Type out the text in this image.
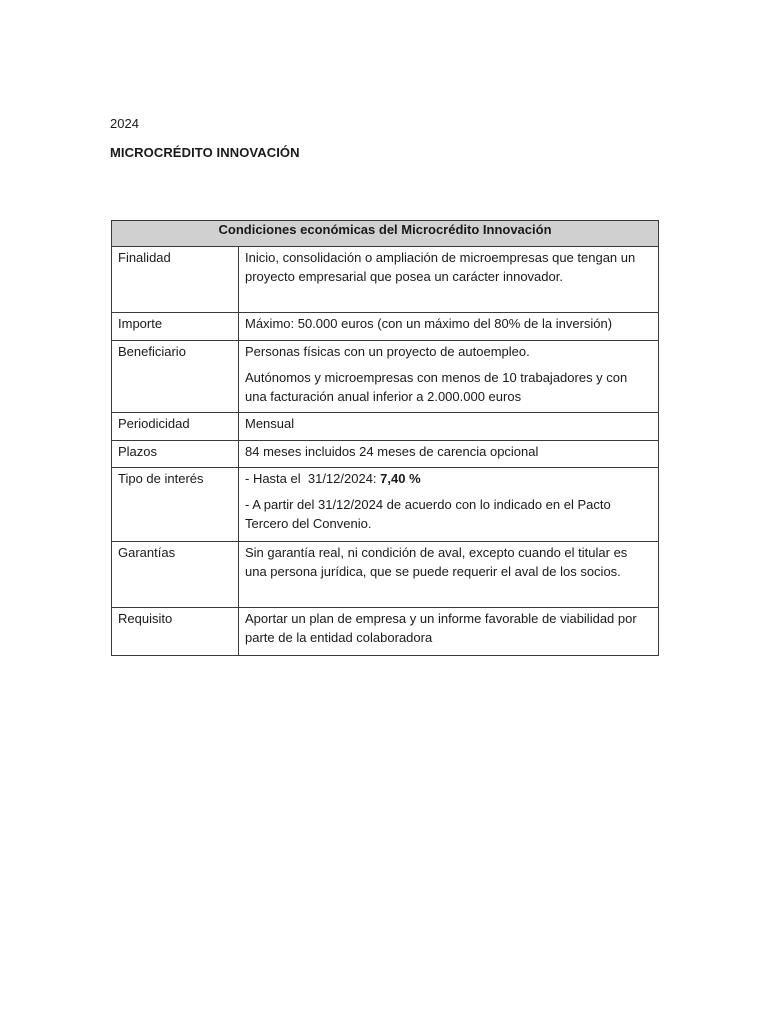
2024
MICROCRÉDITO INNOVACIÓN
Condiciones económicas del Microcrédito Innovación	
Finalidad	Inicio, consolidación o ampliación de microempresas que tengan un proyecto empresarial que posea un carácter innovador.
Importe	Máximo: 50.000 euros (con un máximo del 80% de la inversión)
Beneficiario	Personas físicas con un proyecto de autoempleo.

Autónomos y microempresas con menos de 10 trabajadores y con una facturación anual inferior a 2.000.000 euros

Periodicidad	Mensual
Plazos	84 meses incluidos 24 meses de carencia opcional
Tipo de interés	- Hasta el  31/12/2024: 7,40 %

- A partir del 31/12/2024 de acuerdo con lo indicado en el Pacto Tercero del Convenio.

Garantías	Sin garantía real, ni condición de aval, excepto cuando el titular es una persona jurídica, que se puede requerir el aval de los socios.
Requisito	Aportar un plan de empresa y un informe favorable de viabilidad por parte de la entidad colaboradora
